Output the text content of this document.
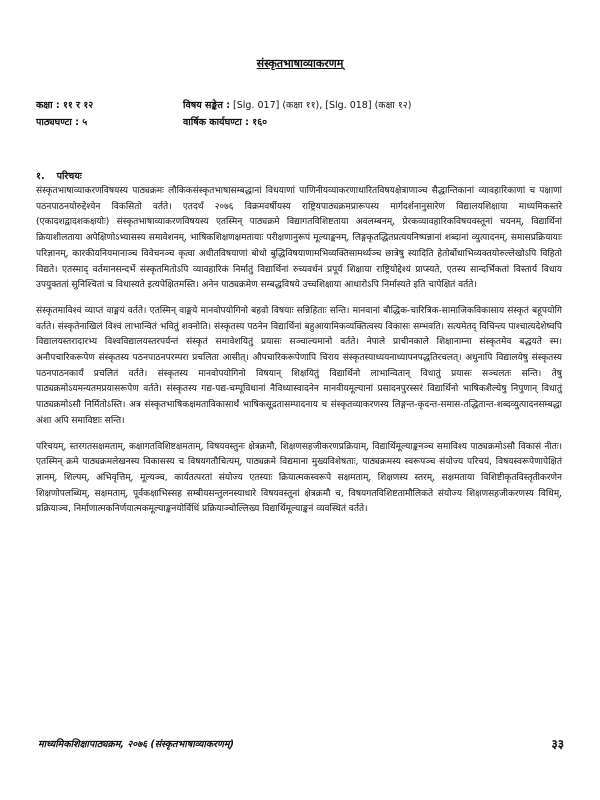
संस्कृतभाषाव्याकरणम्
कक्षा : ११ र १२	विषय सङ्केत : [Slg. 017] (कक्षा ११), [Slg. 018] (कक्षा १२)
पाठ्यघण्टा : ५	वार्षिक कार्यघण्टा : १६०
१. परिचयः

संस्कृतभाषाव्याकरणविषयस्य पाठ्यक्रमः लौकिकसंस्कृतभाषासम्बद्धानां विधयाणां पाणिनीयव्याकरणाधारितविषयक्षेत्राणाञ्च सैद्धान्तिकानां व्यावहारिकाणां च पक्षाणां पठनपाठनयोरुद्देश्येन विकसितो वर्तते। एतदर्थं २०७६ विक्रमवर्षीयस्य राष्ट्रियपाठ्यक्रमप्रारूपस्य मार्गदर्शनानुसारेण विद्यालयशिक्षाया माध्यमिकस्तरे (एकादशद्वादशकक्षयोः) संस्कृतभाषाव्याकरणविषयस्य एतस्मिन् पाठ्यक्रमे विद्यागतविशिष्टताया अवलम्बनम्, प्रेरकव्यावहारिकविषयवस्तूनां चयनम्, विद्यार्थिनां क्रियाशीलताया अपेक्षिणोऽभ्यासस्य समावेशनम्, भाषिकशिक्षणक्षमतायाः परीक्षणानुरूपं मूल्याङ्कनम्, लिङ्गकृतद्धितप्रत्ययनिष्पन्नानां शब्दानां व्युत्पादनम्, समासप्रक्रियायाः परिज्ञानम्, कारकीयनियमानाञ्च विवेचनञ्च कृत्वा अधीतविषयाणां बोधो बुद्धिविषयाणामभिव्यक्तिसामर्थ्यञ्च छात्रेषु स्यादिति हेतोर्बोधाभिव्यक्तयोरुल्लेखोऽपि विहितो विद्यते। एतस्माद् वर्तमानसन्दर्भे संस्कृतमितोऽपि व्यावहारिकं निर्मातुं विद्यार्थिनां रुच्यवर्धनं प्रपूर्य शिक्षाया राष्ट्रियोद्देश्यं प्राप्स्यते, एतस्य सान्दर्भिकतां विस्तार्य विधाय उपयुक्ततां सुनिश्चितां च विधास्यते इत्यपेक्षितमस्ति। अनेन पाठ्यक्रमेण सम्बद्धविषये उच्चशिक्षाया आधारोऽपि निर्मास्यते इति चापेक्षितं वर्तते।

संस्कृतमाविश्वं व्याप्तं वाङ्मयं वर्तते। एतस्मिन् वाङ्मये मानवोपयोगिनो बहवो विषयाः सन्निहिताः सन्ति। मानवानां बौद्धिक-चारित्रिक-सामाजिकविकासाय संस्कृतं बहूपयोगि वर्तते। संस्कृतेनाखिलं विश्वं लाभान्वितं भवितुं शक्नोति। संस्कृतस्य पठनेन विद्यार्थिनां बहुआयामिकव्यक्तित्वस्य विकासः सम्भवति। सत्यमेतद् विचिन्त्य पाश्चात्यदेशेष्वपि विद्यालयस्तरादारभ्य विश्वविद्यालयस्तरपर्यन्तं संस्कृतं समावेशयितुं प्रयासः सञ्चाल्यमानो वर्तते। नेपाले प्राचीनकाले शिक्षानाम्ना संस्कृतमेव बद्धयते स्म। अनौपचारिकरूपेण संस्कृतस्य पठनपाठनपरम्परा प्रचलिता आसीत्। औपचारिकरूपेणापि चिराय संस्कृतस्याध्ययनाध्यापनपद्धतिरचलत्। अधुनापि विद्यालयेषु संस्कृतस्य पठनपाठनकार्यं प्रचलितं वर्तते। संस्कृतस्य मानवोपयोगिनो विषयान् शिक्षयितुं विद्यार्थिनो लाभान्वितान् विधातुं प्रयासः सञ्चलतः सन्ति। तेषु पाठ्यक्रमोऽयमन्यतमप्रयासरूपेण वर्तते। संस्कृतस्य गद्य-पद्य-चम्पूविधानां नैविध्यास्वादनेन मानवीयमूल्यानां प्रसादनपुरस्सरं विद्यार्थिनो भाषिकशैल्येषु निपुणान् विधातुं पाठ्यक्रमोऽसौ निर्मितोऽस्ति। अत्र संस्कृतभाषिकक्षमताविकासार्थं भाषिकसूद्रतासम्पादनाय च संस्कृतव्याकरणस्य लिङ्गन्त-कृदन्त-समास-तद्धितान्त-शब्दव्युत्पादनसम्बद्धा अंशा अपि समाविष्टाः सन्ति।

परिचयम्, स्तरगतसक्षमताम्, कक्षागतविशिष्टक्षमताम्, विषयवस्तुनः क्षेत्रक्रमौ, शिक्षणसहजीकरणप्रक्रियाम्, विद्यार्थिमूल्याङ्कनञ्च समाविश्य पाठ्यक्रमोऽसौ विकासं नीतः। एतस्मिन् क्रमे पाठ्यक्रमलेखनस्य विकासस्य च विषयगतौचित्यम्, पाठ्यक्रमे विद्यमाना मुख्यविशेषताः, पाठ्यक्रमस्य स्वरूपञ्च संयोज्य परिचयं, विषयस्वरूपेणापेक्षितं ज्ञानम्, शिल्पम्, अभिवृत्तिम्, मूल्यञ्च, कार्यतत्परतां संयोज्य एतस्याः क्रियात्मकस्वरूपे सक्षमताम्, शिक्षणस्य स्तरम्, सक्षमताया विशिष्टीकृतविस्तृतीकरणेन शिक्षणोपलब्धिम्, सक्षमताम्, पूर्वकक्षाभिस्सह सम्बीयसन्तुलनस्याधारे विषयवस्तूनां क्षेत्रक्रमौ च, विषयगतविशिष्टतामौलिकते संयोज्य शिक्षणसहजीकरणस्य विधिम्, प्रक्रियाञ्च, निर्माणात्मकनिर्णयात्मकमूल्याङ्कनयोर्विधिं प्रक्रियाञ्चोल्लिख्य विद्यार्थिमूल्याङ्कनं व्यवस्थितं वर्तते।

माध्यमिकशिक्षापाठ्यक्रम, २०७६ (संस्कृतभाषाव्याकरणम्)	३३
